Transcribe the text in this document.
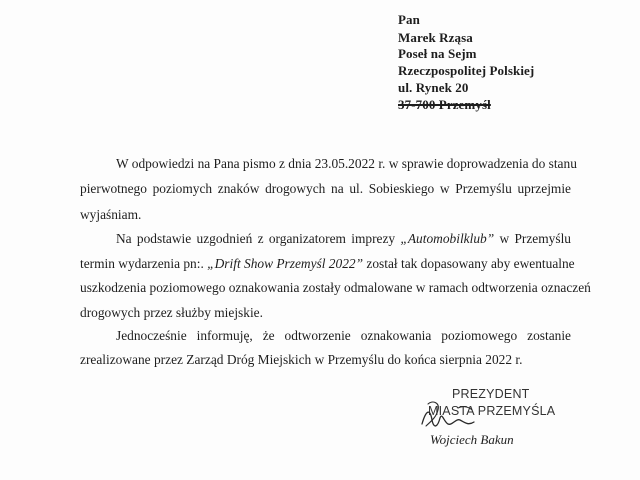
Pan
Marek Rząsa
Poseł na Sejm
Rzeczpospolitej Polskiej
ul. Rynek 20
37-700 Przemyśl
W odpowiedzi na Pana pismo z dnia 23.05.2022 r. w sprawie doprowadzenia do stanu
pierwotnego poziomych znaków drogowych na ul. Sobieskiego w Przemyślu uprzejmie
wyjaśniam.
Na podstawie uzgodnień z organizatorem imprezy „Automobilklub” w Przemyślu
termin wydarzenia pn:. „Drift Show Przemyśl 2022” został tak dopasowany aby ewentualne
uszkodzenia poziomowego oznakowania zostały odmalowane w ramach odtworzenia oznaczeń
drogowych przez służby miejskie.
Jednocześnie informuję, że odtworzenie oznakowania poziomowego zostanie
zrealizowane przez Zarząd Dróg Miejskich w Przemyślu do końca sierpnia 2022 r.
PREZYDENT
MIASTA PRZEMYŚLA
Wojciech Bakun
